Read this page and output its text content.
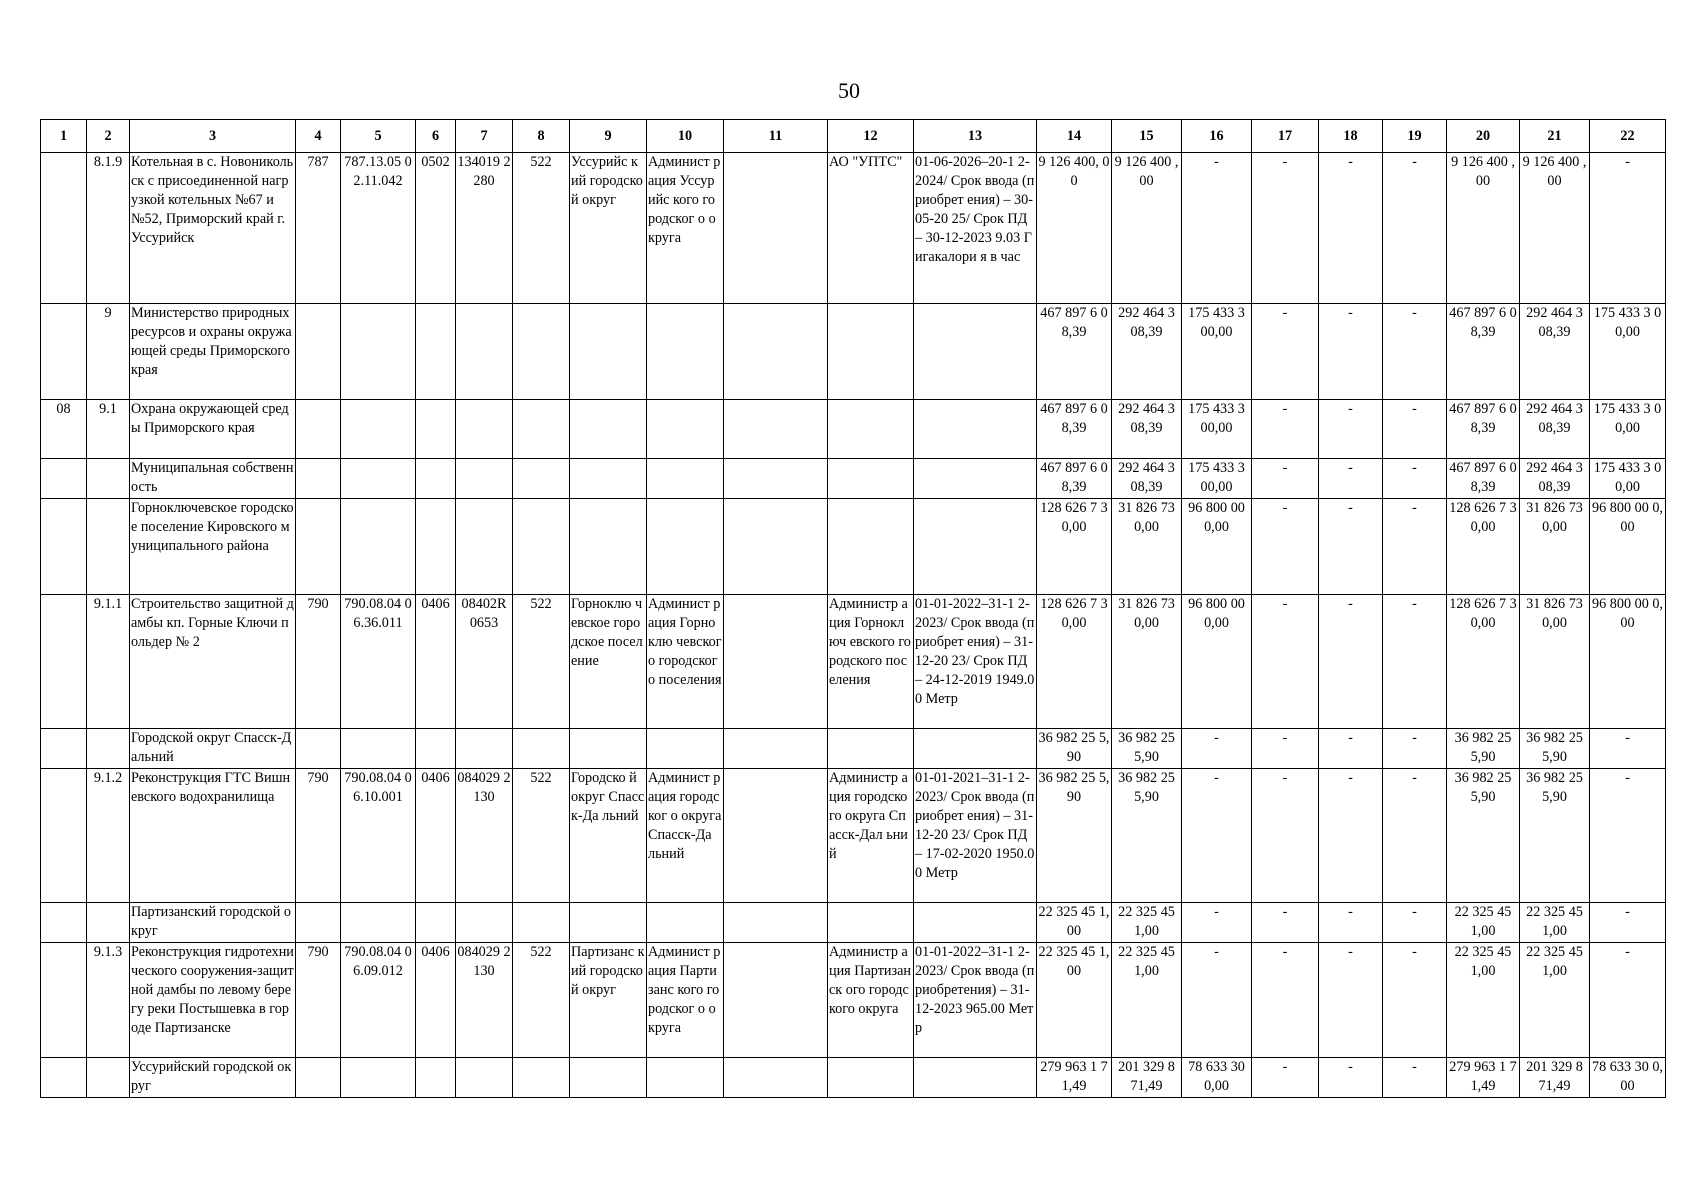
50
1	2	3	4	5	6	7	8	9	10	11	12	13	14	15	16	17	18	19	20	21	22
	8.1.9	Котельная в с. Новоникольск с присоединенной нагрузкой котельных №67 и №52, Приморский край г.Уссурийск	787	787.13.05 02.11.042	0502	134019 2280	522	Уссурийс кий городской округ	Админист рация Уссурийс кого городског о округа		АО "УПТС"	01-06-2026–20-1 2-2024/ Срок ввода (приобрет ения) – 30-05-20 25/ Срок ПД – 30-12-2023 9.03 Гигакалори я в час	9 126 400, 00	9 126 400 ,00	-	-	-	-	9 126 400 ,00	9 126 400 ,00	-
	9	Министерство природных ресурсов и охраны окружающей среды Приморского края											467 897 6 08,39	292 464 3 08,39	175 433 3 00,00	-	-	-	467 897 6 08,39	292 464 3 08,39	175 433 3 00,00
08	9.1	Охрана окружающей среды Приморского края											467 897 6 08,39	292 464 3 08,39	175 433 3 00,00	-	-	-	467 897 6 08,39	292 464 3 08,39	175 433 3 00,00
		Муниципальная собственность											467 897 6 08,39	292 464 3 08,39	175 433 3 00,00	-	-	-	467 897 6 08,39	292 464 3 08,39	175 433 3 00,00
		Горноключевское городское поселение Кировского муниципального района											128 626 7 30,00	31 826 73 0,00	96 800 00 0,00	-	-	-	128 626 7 30,00	31 826 73 0,00	96 800 00 0,00
	9.1.1	Строительство защитной дамбы кп. Горные Ключи польдер № 2	790	790.08.04 06.36.011	0406	08402R 0653	522	Горноклю чевское городское поселение	Админист рация Горноклю чевского городског о поселения		Администр ация Горноключ евского городского поселения	01-01-2022–31-1 2-2023/ Срок ввода (приобрет ения) – 31-12-20 23/ Срок ПД – 24-12-2019 1949.00 Метр	128 626 7 30,00	31 826 73 0,00	96 800 00 0,00	-	-	-	128 626 7 30,00	31 826 73 0,00	96 800 00 0,00
		Городской округ Спасск-Дальний											36 982 25 5,90	36 982 25 5,90	-	-	-	-	36 982 25 5,90	36 982 25 5,90	-
	9.1.2	Реконструкция ГТС Вишневского водохранилища	790	790.08.04 06.10.001	0406	084029 2130	522	Городско й округ Спасск-Да льний	Админист рация городског о округа Спасск-Да льний		Администр ация городского округа Спасск-Дал ьний	01-01-2021–31-1 2-2023/ Срок ввода (приобрет ения) – 31-12-20 23/ Срок ПД – 17-02-2020 1950.00 Метр	36 982 25 5,90	36 982 25 5,90	-	-	-	-	36 982 25 5,90	36 982 25 5,90	-
		Партизанский городской округ											22 325 45 1,00	22 325 45 1,00	-	-	-	-	22 325 45 1,00	22 325 45 1,00	-
	9.1.3	Реконструкция гидротехнического сооружения-защитной дамбы по левому бере гу реки Постышевка в городе Партизанске	790	790.08.04 06.09.012	0406	084029 2130	522	Партизанс кий городской округ	Админист рация Партизанс кого городског о округа		Администр ация Партизанск ого городского округа	01-01-2022–31-1 2-2023/ Срок ввода (приобретения) – 31-12-2023 965.00 Метр	22 325 45 1,00	22 325 45 1,00	-	-	-	-	22 325 45 1,00	22 325 45 1,00	-
		Уссурийский городской округ											279 963 1 71,49	201 329 8 71,49	78 633 30 0,00	-	-	-	279 963 1 71,49	201 329 8 71,49	78 633 30 0,00
